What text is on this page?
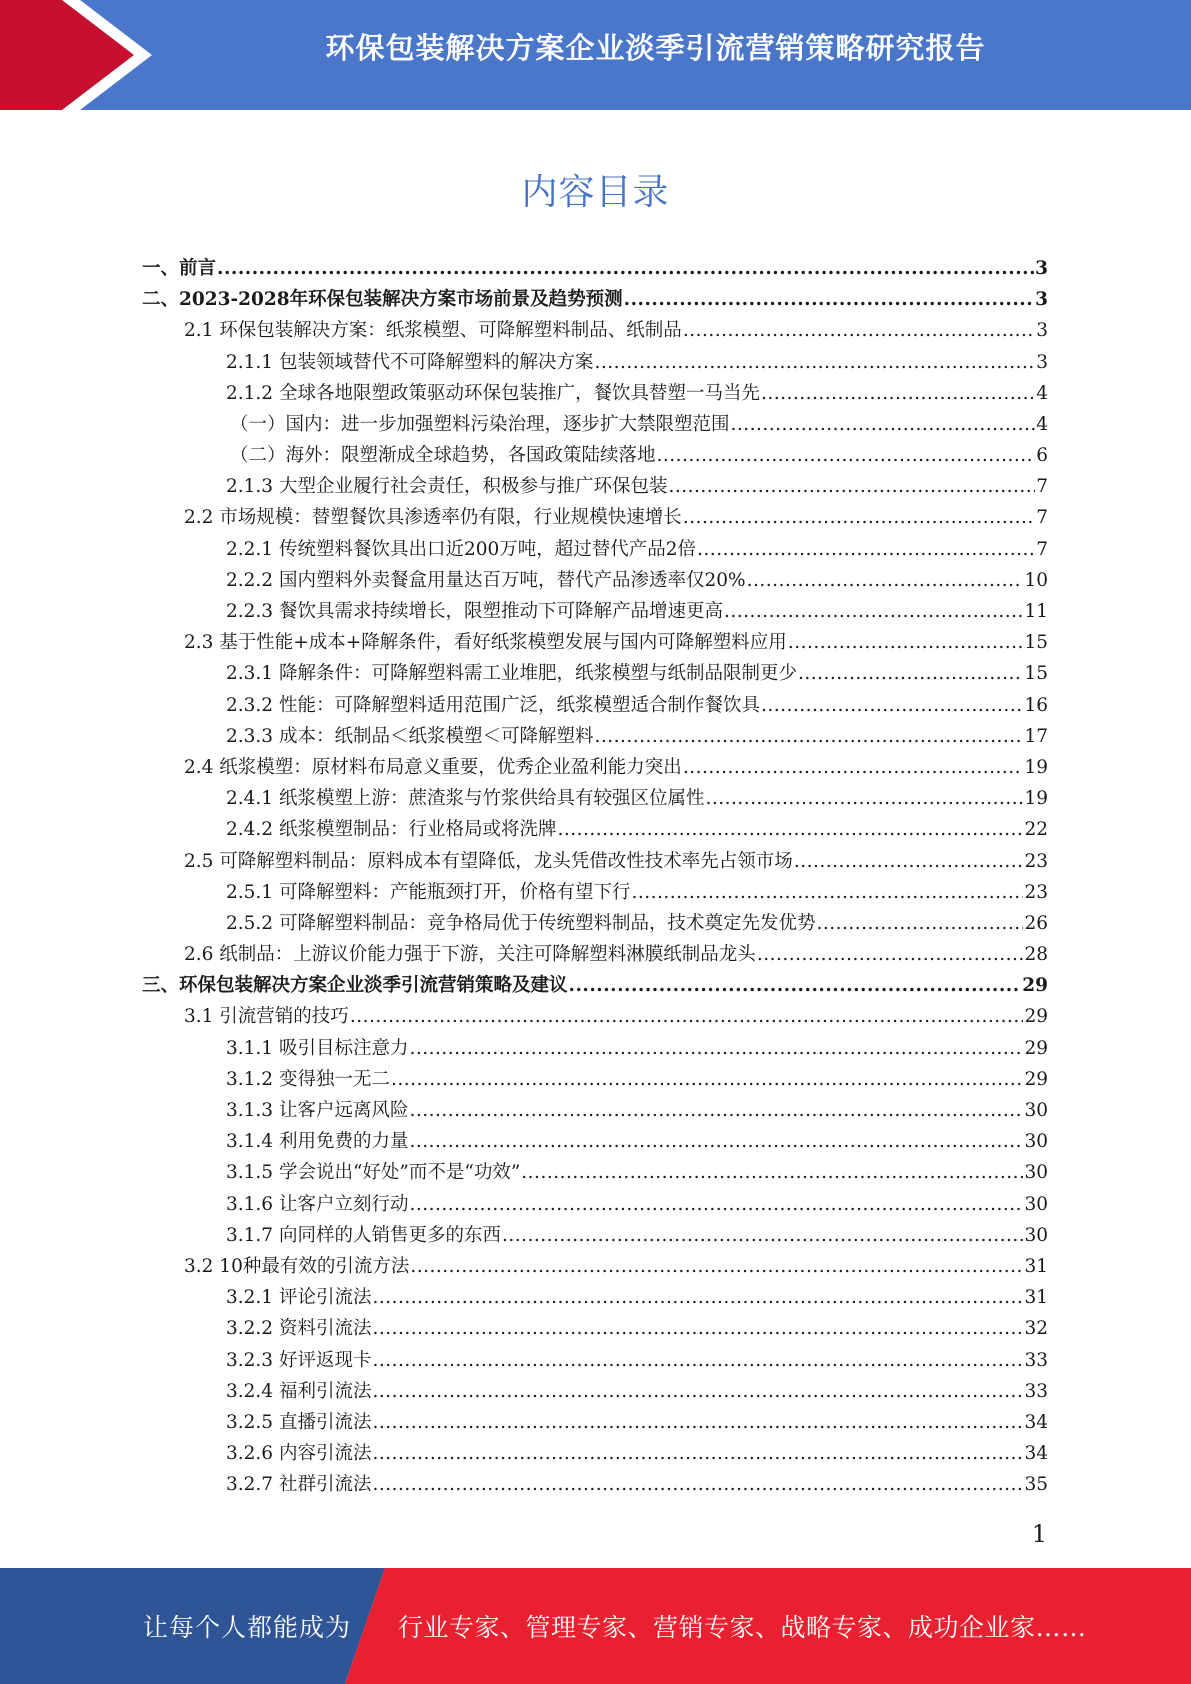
环保包装解决方案企业淡季引流营销策略研究报告
内容目录
一、前言 .....	3
二、2023-2028年环保包装解决方案市场前景及趋势预测 .....	3
2.1 环保包装解决方案：纸浆模塑、可降解塑料制品、纸制品 .....	3
2.1.1 包装领域替代不可降解塑料的解决方案 .....	3
2.1.2 全球各地限塑政策驱动环保包装推广，餐饮具替塑一马当先 .....	4
（一）国内：进一步加强塑料污染治理，逐步扩大禁限塑范围 .....	4
（二）海外：限塑渐成全球趋势，各国政策陆续落地 .....	6
2.1.3 大型企业履行社会责任，积极参与推广环保包装 .....	7
2.2 市场规模：替塑餐饮具渗透率仍有限，行业规模快速增长 .....	7
2.2.1 传统塑料餐饮具出口近200万吨，超过替代产品2倍 .....	7
2.2.2 国内塑料外卖餐盒用量达百万吨，替代产品渗透率仅20% .....	10
2.2.3 餐饮具需求持续增长，限塑推动下可降解产品增速更高 .....	11
2.3 基于性能+成本+降解条件，看好纸浆模塑发展与国内可降解塑料应用 .....	15
2.3.1 降解条件：可降解塑料需工业堆肥，纸浆模塑与纸制品限制更少 .....	15
2.3.2 性能：可降解塑料适用范围广泛，纸浆模塑适合制作餐饮具 .....	16
2.3.3 成本：纸制品＜纸浆模塑＜可降解塑料 .....	17
2.4 纸浆模塑：原材料布局意义重要，优秀企业盈利能力突出 .....	19
2.4.1 纸浆模塑上游：蔗渣浆与竹浆供给具有较强区位属性 .....	19
2.4.2 纸浆模塑制品：行业格局或将洗牌 .....	22
2.5 可降解塑料制品：原料成本有望降低，龙头凭借改性技术率先占领市场 .....	23
2.5.1 可降解塑料：产能瓶颈打开，价格有望下行 .....	23
2.5.2 可降解塑料制品：竞争格局优于传统塑料制品，技术奠定先发优势 .....	26
2.6 纸制品：上游议价能力强于下游，关注可降解塑料淋膜纸制品龙头 .....	28
三、环保包装解决方案企业淡季引流营销策略及建议 .....	29
3.1 引流营销的技巧 .....	29
3.1.1 吸引目标注意力 .....	29
3.1.2 变得独一无二 .....	29
3.1.3 让客户远离风险 .....	30
3.1.4 利用免费的力量 .....	30
3.1.5 学会说出“好处”而不是“功效” .....	30
3.1.6 让客户立刻行动 .....	30
3.1.7 向同样的人销售更多的东西 .....	30
3.2 10种最有效的引流方法 .....	31
3.2.1 评论引流法 .....	31
3.2.2 资料引流法 .....	32
3.2.3 好评返现卡 .....	33
3.2.4 福利引流法 .....	33
3.2.5 直播引流法 .....	34
3.2.6 内容引流法 .....	34
3.2.7 社群引流法 .....	35
1
让每个人都能成为 行业专家、管理专家、营销专家、战略专家、成功企业家……
